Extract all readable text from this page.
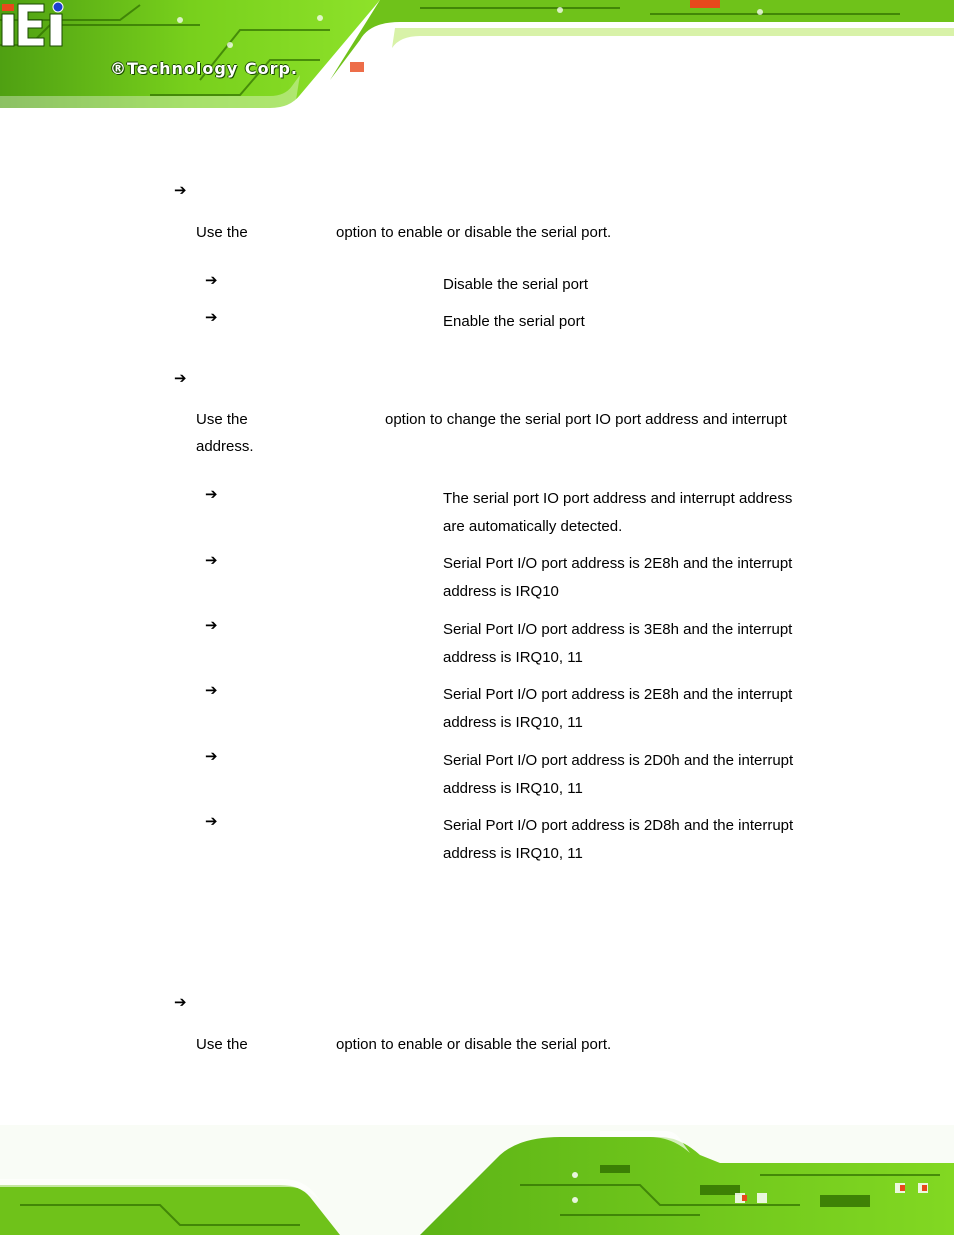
®Technology Corp.
➔
Use the	option to enable or disable the serial port.
➔	Disable the serial port
➔	Enable the serial port
➔
Use the	option to change the serial port IO port address and interrupt
address.
➔	The serial port IO port address and interrupt address
are automatically detected.
➔	Serial Port I/O port address is 2E8h and the interrupt
address is IRQ10
➔	Serial Port I/O port address is 3E8h and the interrupt
address is IRQ10, 11
➔	Serial Port I/O port address is 2E8h and the interrupt
address is IRQ10, 11
➔	Serial Port I/O port address is 2D0h and the interrupt
address is IRQ10, 11
➔	Serial Port I/O port address is 2D8h and the interrupt
address is IRQ10, 11
➔
Use the	option to enable or disable the serial port.
